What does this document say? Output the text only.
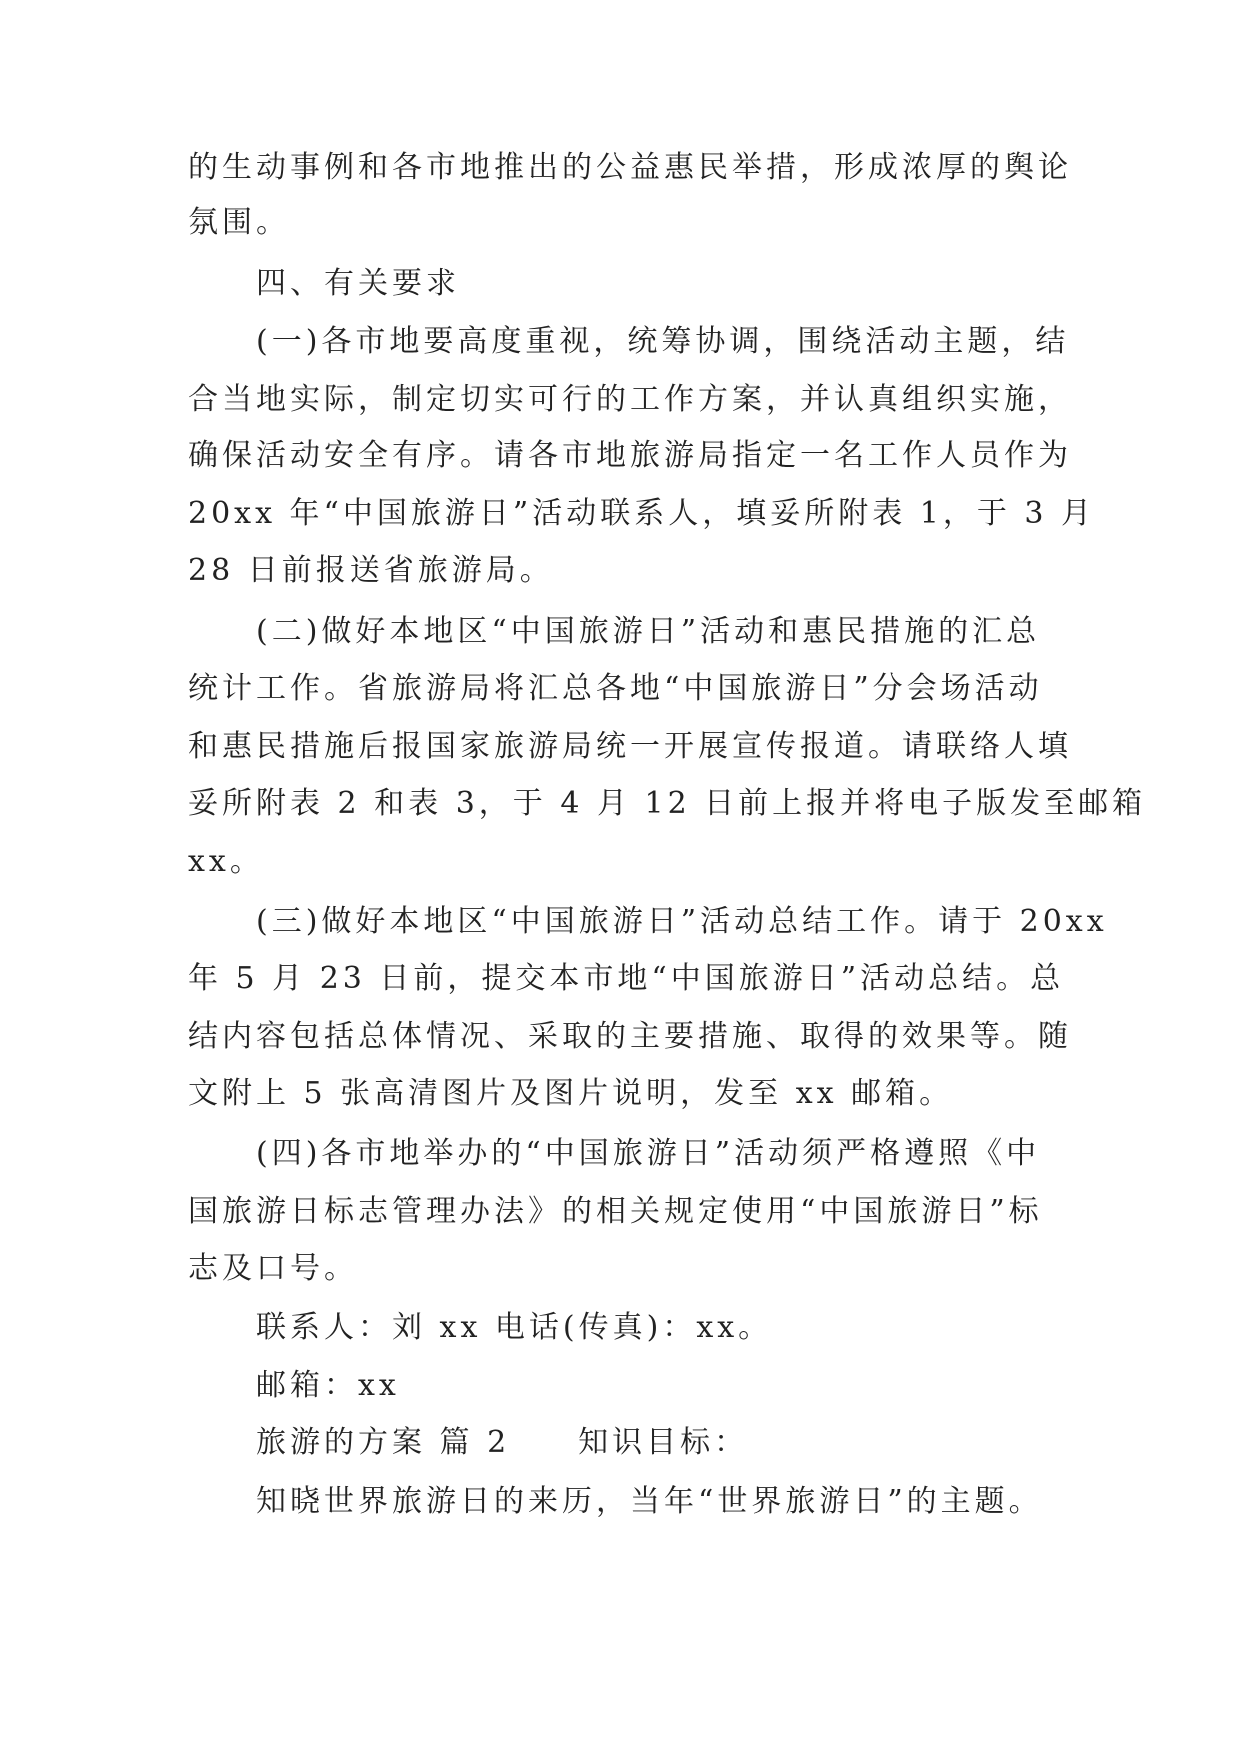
的生动事例和各市地推出的公益惠民举措，形成浓厚的舆论
氛围。
四、有关要求
(一)各市地要高度重视，统筹协调，围绕活动主题，结
合当地实际，制定切实可行的工作方案，并认真组织实施，
确保活动安全有序。请各市地旅游局指定一名工作人员作为
20xx 年“中国旅游日”活动联系人，填妥所附表 1，于 3 月
28 日前报送省旅游局。
(二)做好本地区“中国旅游日”活动和惠民措施的汇总
统计工作。省旅游局将汇总各地“中国旅游日”分会场活动
和惠民措施后报国家旅游局统一开展宣传报道。请联络人填
妥所附表 2 和表 3，于 4 月 12 日前上报并将电子版发至邮箱
xx。
(三)做好本地区“中国旅游日”活动总结工作。请于 20xx
年 5 月 23 日前，提交本市地“中国旅游日”活动总结。总
结内容包括总体情况、采取的主要措施、取得的效果等。随
文附上 5 张高清图片及图片说明，发至 xx 邮箱。
(四)各市地举办的“中国旅游日”活动须严格遵照《中
国旅游日标志管理办法》的相关规定使用“中国旅游日”标
志及口号。
联系人：刘 xx 电话(传真)：xx。
邮箱：xx
旅游的方案 篇 2　　知识目标：
知晓世界旅游日的来历，当年“世界旅游日”的主题。
